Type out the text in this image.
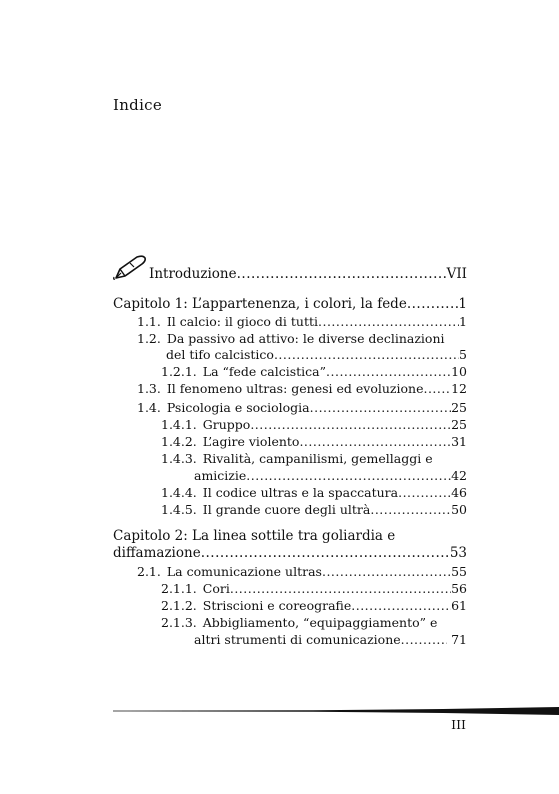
Indice
Introduzione .....	VII
Capitolo 1: L’appartenenza, i colori, la fede .....	1
1.1. Il calcio: il gioco di tutti .....	1
1.2. Da passivo ad attivo: le diverse declinazioni
del tifo calcistico .....	5
1.2.1. La “fede calcistica” .....	10
1.3. Il fenomeno ultras: genesi ed evoluzione ..... 12
1.4. Psicologia e sociologia .....	25
1.4.1. Gruppo .....	25
1.4.2. L’agire violento .....	31
1.4.3. Rivalità, campanilismi, gemellaggi e
amicizie .....	42
1.4.4. Il codice ultras e la spaccatura .....	46
1.4.5. Il grande cuore degli ultrà .....	50
Capitolo 2: La linea sottile tra goliardia e
diffamazione .....	53
2.1. La comunicazione ultras .....	55
2.1.1. Cori .....	56
2.1.2. Striscioni e coreografie .....	61
2.1.3. Abbigliamento, “equipaggiamento” e
altri strumenti di comunicazione .....	71
III
